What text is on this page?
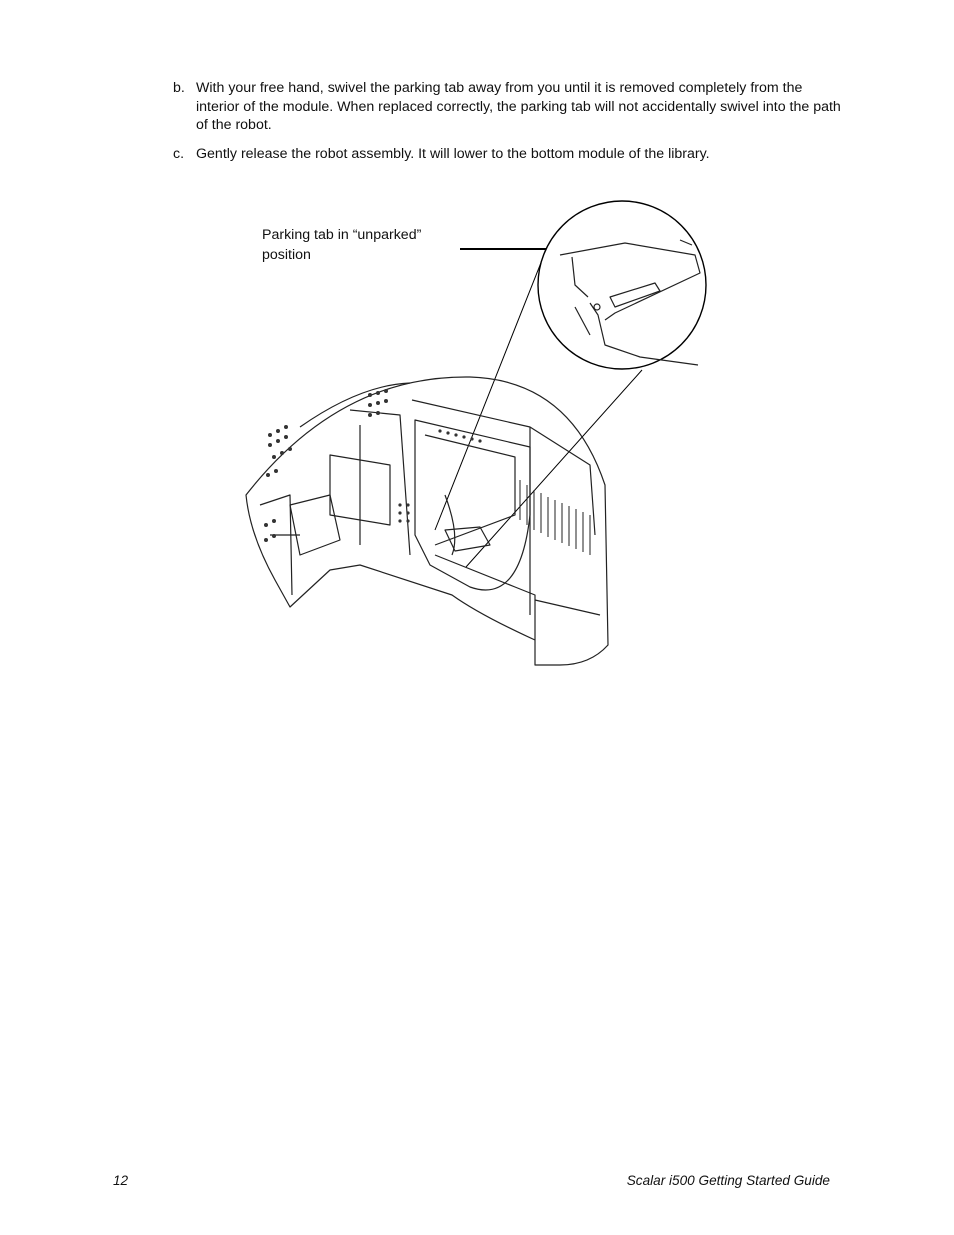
b. With your free hand, swivel the parking tab away from you until it is removed completely from the interior of the module. When replaced correctly, the parking tab will not accidentally swivel into the path of the robot.
c. Gently release the robot assembly. It will lower to the bottom module of the library.
Parking tab in “unparked” position
12	Scalar i500 Getting Started Guide
